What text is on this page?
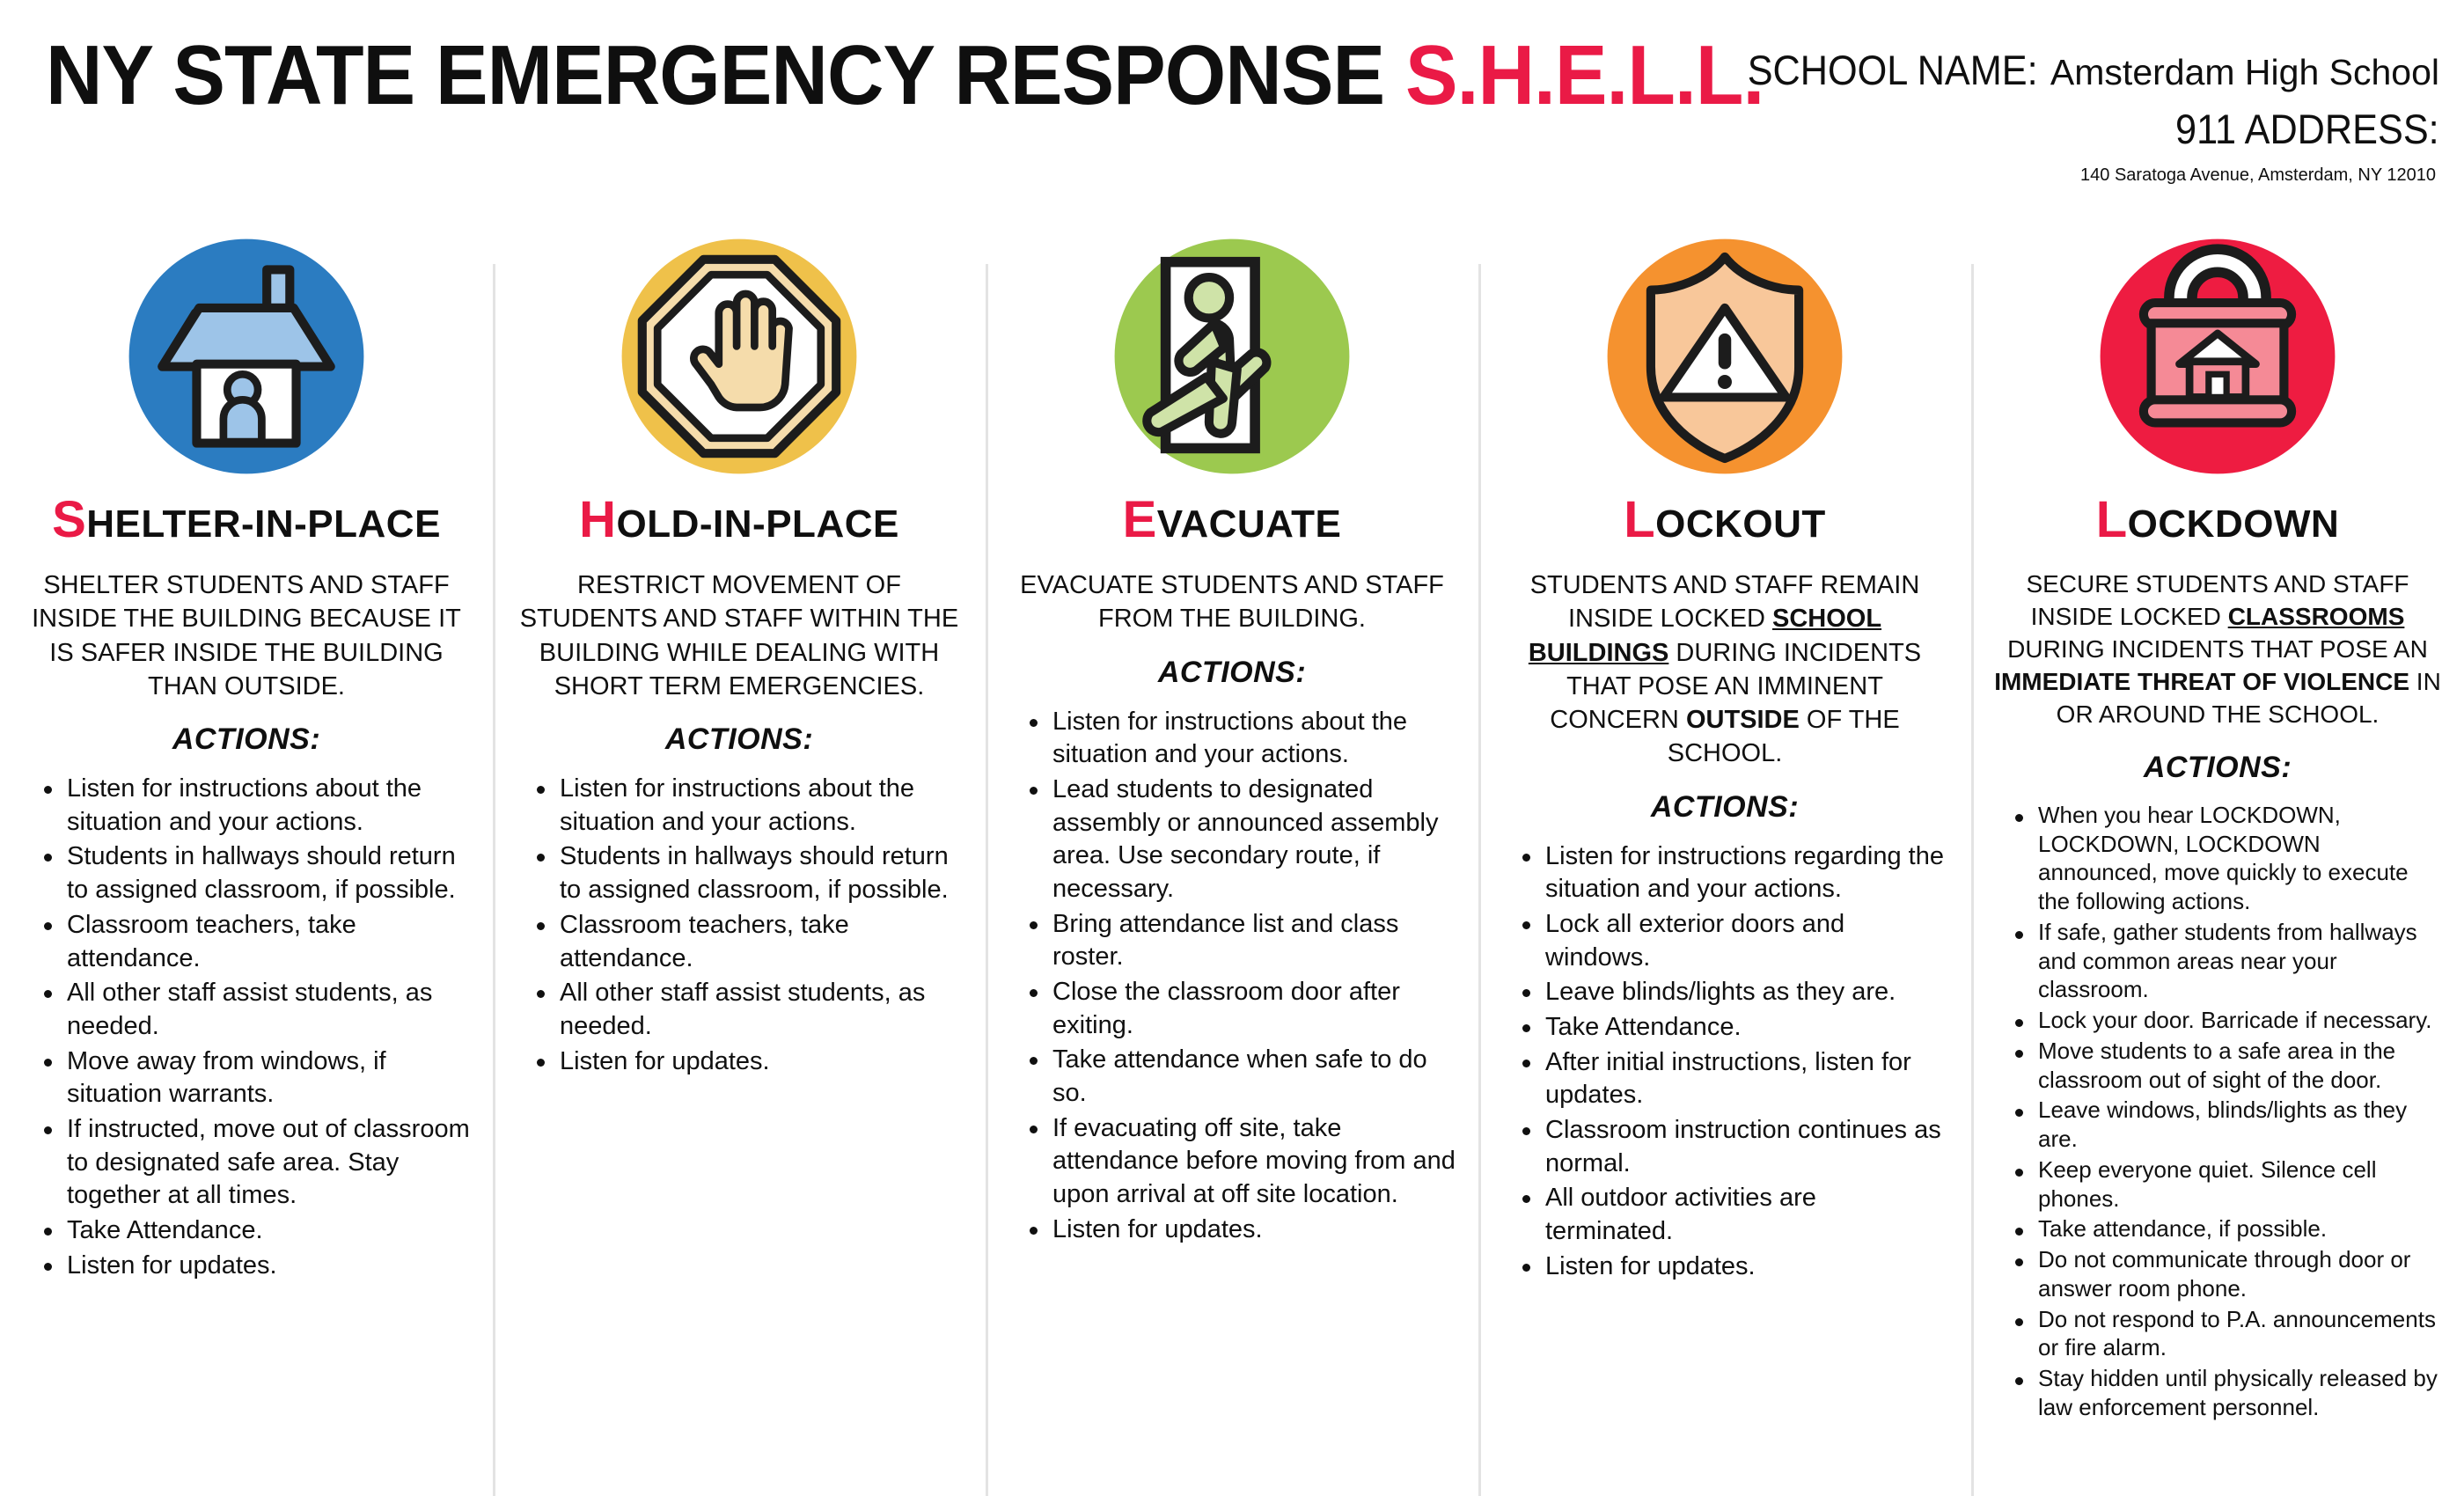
NY STATE EMERGENCY RESPONSE S.H.E.L.L.
SCHOOL NAME: Amsterdam High School
911 ADDRESS:
140 Saratoga Avenue, Amsterdam, NY 12010
SHELTER-IN-PLACE
SHELTER STUDENTS AND STAFF INSIDE THE BUILDING BECAUSE IT IS SAFER INSIDE THE BUILDING THAN OUTSIDE.
ACTIONS:
Listen for instructions about the situation and your actions.
Students in hallways should return to assigned classroom, if possible.
Classroom teachers, take attendance.
All other staff assist students, as needed.
Move away from windows, if situation warrants.
If instructed, move out of classroom to designated safe area. Stay together at all times.
Take Attendance.
Listen for updates.
HOLD-IN-PLACE
RESTRICT MOVEMENT OF STUDENTS AND STAFF WITHIN THE BUILDING WHILE DEALING WITH SHORT TERM EMERGENCIES.
ACTIONS:
Listen for instructions about the situation and your actions.
Students in hallways should return to assigned classroom, if possible.
Classroom teachers, take attendance.
All other staff assist students, as needed.
Listen for updates.
EVACUATE
EVACUATE STUDENTS AND STAFF FROM THE BUILDING.
ACTIONS:
Listen for instructions about the situation and your actions.
Lead students to designated assembly or announced assembly area. Use secondary route, if necessary.
Bring attendance list and class roster.
Close the classroom door after exiting.
Take attendance when safe to do so.
If evacuating off site, take attendance before moving from and upon arrival at off site location.
Listen for updates.
LOCKOUT
STUDENTS AND STAFF REMAIN INSIDE LOCKED SCHOOL BUILDINGS DURING INCIDENTS THAT POSE AN IMMINENT CONCERN OUTSIDE OF THE SCHOOL.
ACTIONS:
Listen for instructions regarding the situation and your actions.
Lock all exterior doors and windows.
Leave blinds/lights as they are.
Take Attendance.
After initial instructions, listen for updates.
Classroom instruction continues as normal.
All outdoor activities are terminated.
Listen for updates.
LOCKDOWN
SECURE STUDENTS AND STAFF INSIDE LOCKED CLASSROOMS DURING INCIDENTS THAT POSE AN IMMEDIATE THREAT OF VIOLENCE IN OR AROUND THE SCHOOL.
ACTIONS:
When you hear LOCKDOWN, LOCKDOWN, LOCKDOWN announced, move quickly to execute the following actions.
If safe, gather students from hallways and common areas near your classroom.
Lock your door. Barricade if necessary.
Move students to a safe area in the classroom out of sight of the door.
Leave windows, blinds/lights as they are.
Keep everyone quiet. Silence cell phones.
Take attendance, if possible.
Do not communicate through door or answer room phone.
Do not respond to P.A. announcements or fire alarm.
Stay hidden until physically released by law enforcement personnel.
